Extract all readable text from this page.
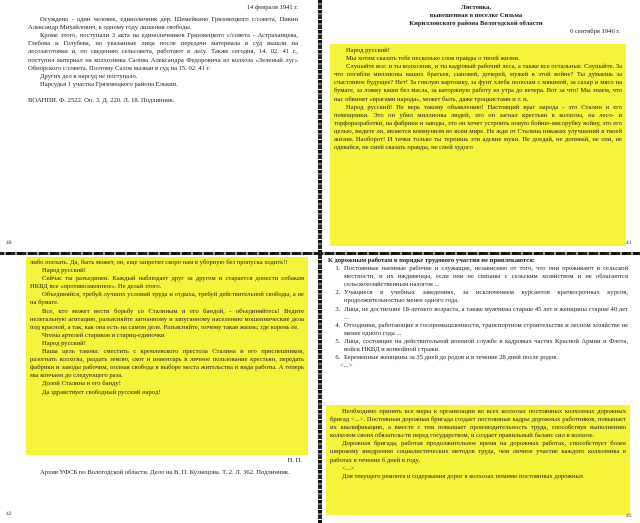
14 февраля 1941 г.

Осуждено - один человек, единоличник дер. Шемейкино Грязовецкого с/совета, Пикин Александр Михайлович, к одному году лишения свободы.

Кроме этого, поступали 3 акта на единоличников Грязовецкого с/совета - Астраханцева, Глебова и Голубева, но указанные лица после передачи материала в суд вышли на лесозаготовки и, по сведению сельсовета, работают в лесу. Также сегодня, 14. 02. 41 г., поступил материал на колхозника Салова Александра Федоровича из колхоза «Зеленый луг» Обнорского с/совета. Поэтому Салов вызван в суд на 15. 02. 41 г.

Других дел в нарсуд не поступало.

Нарсудья 1 участка Грязовецкого района Елькин.

ВОАНПИ. Ф. 2522. Оп. 3. Д. 220. Л. 18. Подлинник.

40
Листовка,
вывешенная в поселке Сизьма
Кирилловского района Вологодской области
6 сентября 1946 г.

Народ русский!

Мы хотим сказать тебе несколько слов правды о твоей жизни.

Слушайте все: и ты колхозник, и ты кадровый рабочий леса, а также все остальные. Слушайте. За что погибли миллионы ваших братьев, сыновей, дочерей, мужей в этой войне? Ты думаешь за счастливое будущее? Нет! За гнилую картошку, за фунт хлеба пополам с мякиной, за сахар и мясо на бумаге, за ложку каши без масла, за каторжную работу из утра до вечера. Вот за что! Мы знаем, что нас обвинят «врагами народа», может быть, даже троцкистами и т. п.

Народ русский! Не верь такому объявлению! Настоящий враг народа - это Сталин и его помощники. Это он убил миллионы людей, это он загнал крестьян в колхозы, на лесо- и торфоразработки, на фабрики и заводы, это он хочет устроить новую бойню-мясорубку войну, это его целью, видите ли, является коммунизм во всем мире. Не жди от Сталина никаких улучшений в твоей жизни. Наоборот! И тачки только ты терпишь эти адские муки. Не доедай, не допивай, не спи, не одевайся, не смей сказать правды, не смей худого

41

либо поехать. Да, быть может, он, еще запретит скоро нам в уборную без пропуска ходить!!

Народ русский!

Сейчас ты разъединен. Каждый наблюдает друг за другом и старается донести собакам НКВД все «противозаконное». Не делай этого.

Объединяйся, требуй лучших условий труда и отдыха, требуй действительной свободы, а не на бумаге.

Все, кто может вести борьбу со Сталиным и его бандой, - объединяйтесь! Ведите нелегальную агитацию, разъясняйте загнанному и запуганному населению мошеннические дела под красной, а так, как она есть на самом деле. Разъясняйте, почему такая жизнь; где корень ее.

Чтены артелей стариков и стариц-единочки

Народ русский!

Наша цель такова: сместить с кремлевского престола Сталина и его приспешников, разогнать колхозы, раздать землю, скот и инвентарь в личное пользование крестьян, передать фабрики и заводы рабочим, полная свобода в выборе места жительства и вида работы. А теперь мы кончаем до следующего раза.

Долой Сталина и его банду!

Да здравствует свободный русский народ!

Н. П.

Архив УФСБ по Вологодской области. Дело на В. П. Кузнецова. Т. 2. Л. 362. Подлинник.

42

К дорожным работам в порядке трудового участия не привлекаются:

1. Постоянные наемные рабочие и служащие, независимо от того, что они проживают в сельской местности, и их иждивенцы, если они не связаны с сельским хозяйством и не облагаются сельскохозяйственным налогом ...
2. Учащиеся в учебных заведениях, за исключением курсантов краткосрочных курсов, продолжительностью менее одного года.
3. Лица, не достигшие 18-летнего возраста, а также мужчины старше 45 лет и женщины старше 40 лет ...
4. Отходники, работающие в госпромышленности, транспортном строительстве и лесном хозяйстве не менее одного года ...
5. Лица, состоящие на действительной военной службе в кадровых частях Красной Армии и Флота, войск НКВД и конвойной стражи.
6. Беременные женщины за 35 дней до родов и в течение 28 дней после родов.

<...>

Необходимо принять все меры к организации во всех колхозах постоянных колхозных дорожных бригад <...>. Постоянная дорожная бригада создает постоянные кадры дорожных работников, повышает их квалификацию, а вместе с тем повышает производительность труда, способствуя выполнению колхозом своих обязательств перед государством, и создает правильный баланс сил в колхозе.

Дорожная бригада, работая продолжительное время на дорожных работах, способствует более широкому внедрению социалистических методов труда, чем личное участие каждого колхозника в работах в течение 6 дней в году.

<...>

Для текущего ремонта и содержания дорог в колхозах помимо постоянных дорожных

43
